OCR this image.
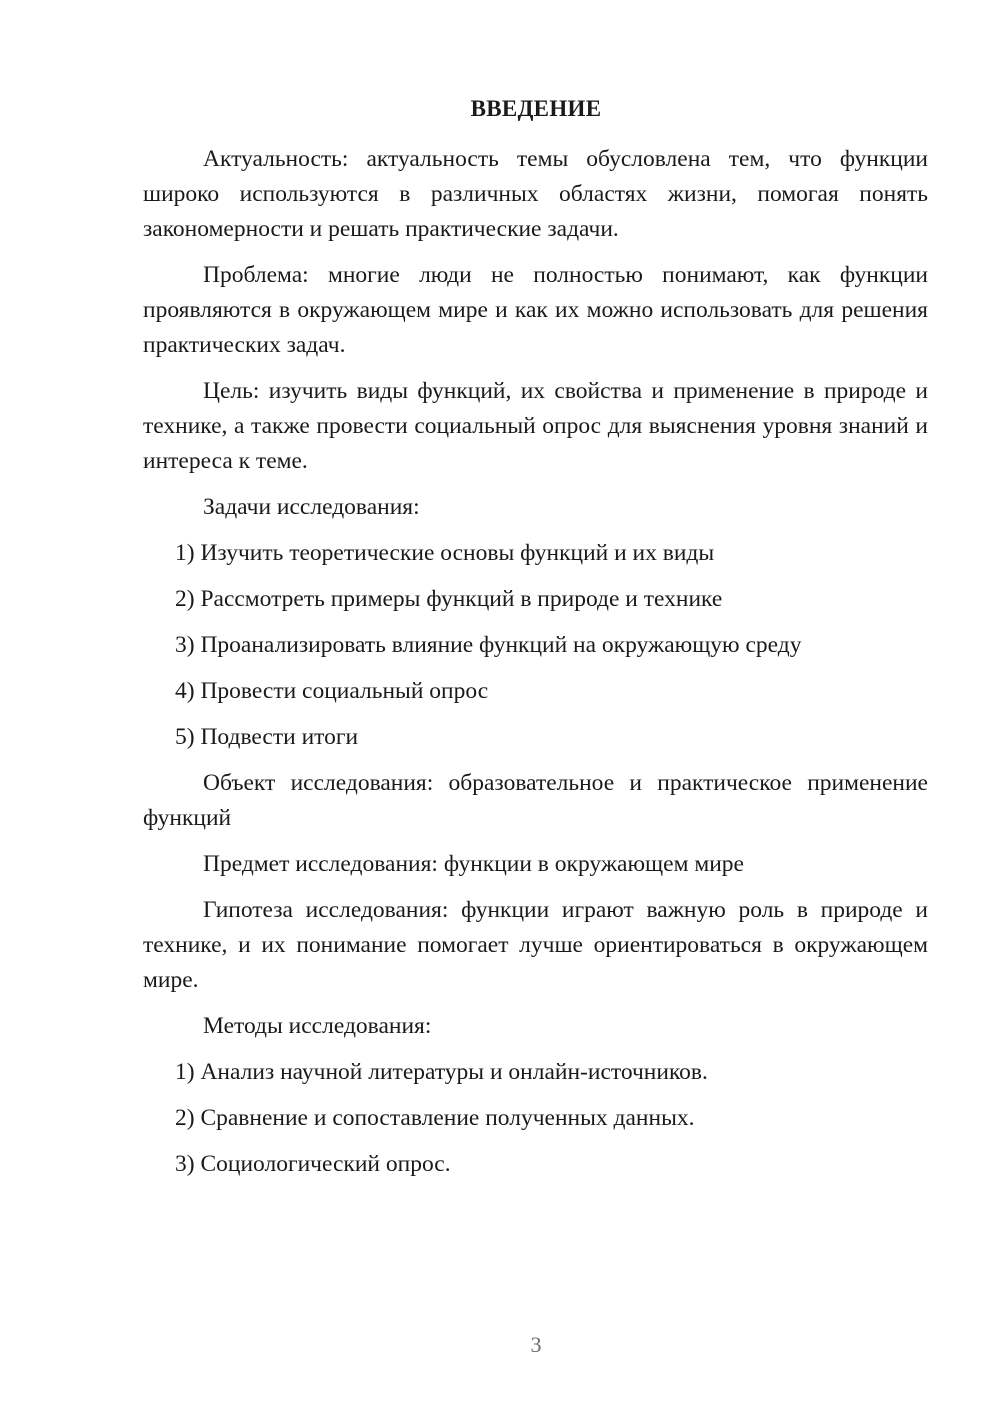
ВВЕДЕНИЕ

Актуальность: актуальность темы обусловлена тем, что функции широко используются в различных областях жизни, помогая понять закономерности и решать практические задачи.

Проблема: многие люди не полностью понимают, как функции проявляются в окружающем мире и как их можно использовать для решения практических задач.

Цель: изучить виды функций, их свойства и применение в природе и технике, а также провести социальный опрос для выяснения уровня знаний и интереса к теме.

Задачи исследования:

1) Изучить теоретические основы функций и их виды
2) Рассмотреть примеры функций в природе и технике
3) Проанализировать влияние функций на окружающую среду
4) Провести социальный опрос
5) Подвести итоги

Объект исследования: образовательное и практическое применение функций

Предмет исследования: функции в окружающем мире

Гипотеза исследования: функции играют важную роль в природе и технике, и их понимание помогает лучше ориентироваться в окружающем мире.

Методы исследования:

1) Анализ научной литературы и онлайн-источников.
2) Сравнение и сопоставление полученных данных.
3) Социологический опрос.
3
